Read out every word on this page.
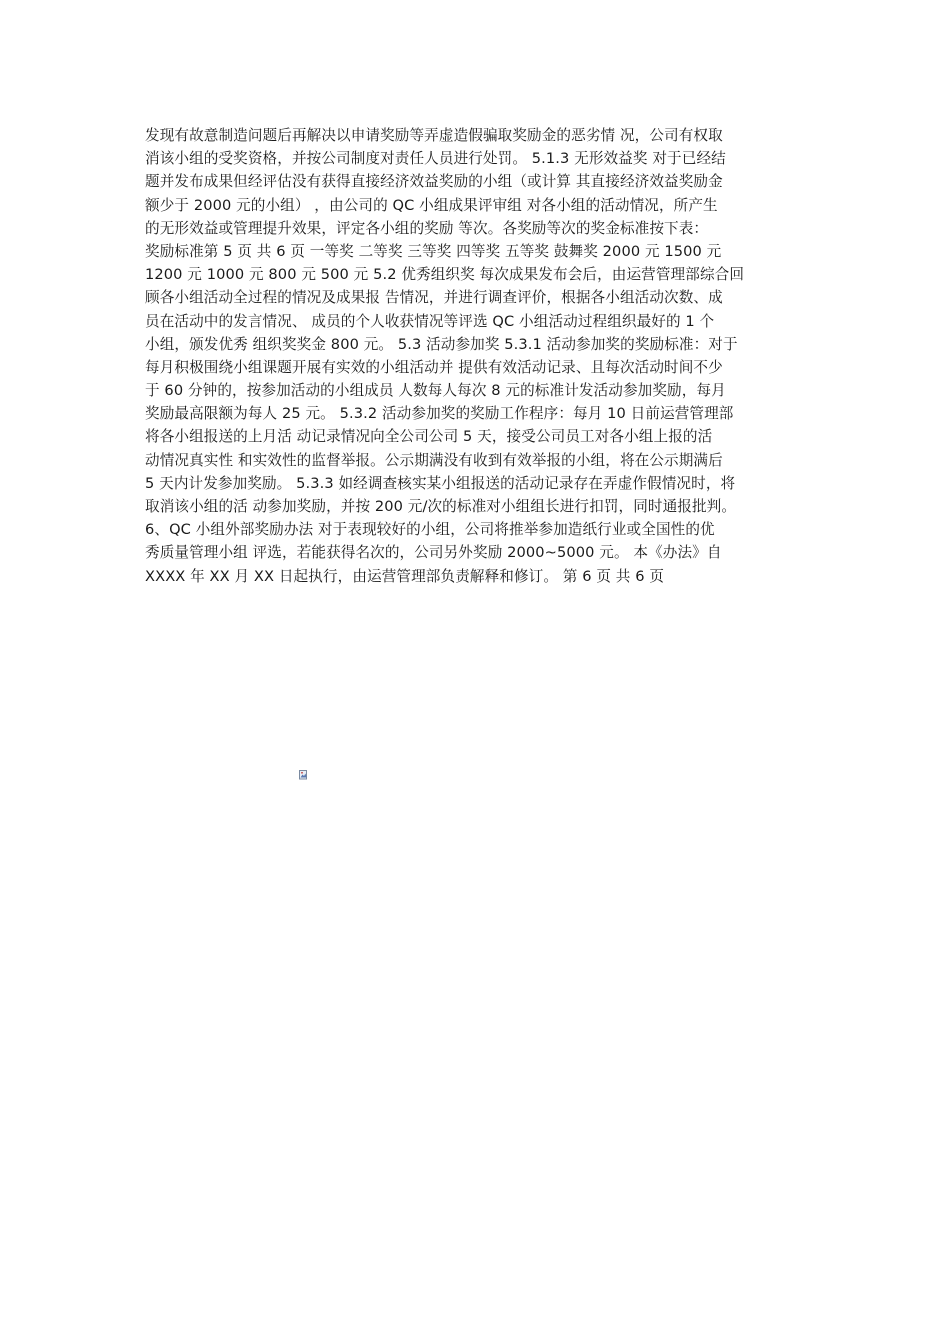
发现有故意制造问题后再解决以申请奖励等弄虚造假骗取奖励金的恶劣情 况，公司有权取
消该小组的受奖资格，并按公司制度对责任人员进行处罚。 5.1.3 无形效益奖 对于已经结
题并发布成果但经评估没有获得直接经济效益奖励的小组（或计算 其直接经济效益奖励金
额少于 2000 元的小组） ，由公司的 QC 小组成果评审组 对各小组的活动情况，所产生
的无形效益或管理提升效果，评定各小组的奖励 等次。各奖励等次的奖金标准按下表：
奖励标准第 5 页 共 6 页 一等奖 二等奖 三等奖 四等奖 五等奖 鼓舞奖 2000 元 1500 元
1200 元 1000 元 800 元 500 元 5.2 优秀组织奖 每次成果发布会后，由运营管理部综合回
顾各小组活动全过程的情况及成果报 告情况，并进行调查评价，根据各小组活动次数、成
员在活动中的发言情况、 成员的个人收获情况等评选 QC 小组活动过程组织最好的 1 个
小组，颁发优秀 组织奖奖金 800 元。 5.3 活动参加奖 5.3.1 活动参加奖的奖励标准：对于
每月积极围绕小组课题开展有实效的小组活动并 提供有效活动记录、且每次活动时间不少
于 60 分钟的，按参加活动的小组成员 人数每人每次 8 元的标准计发活动参加奖励，每月
奖励最高限额为每人 25 元。 5.3.2 活动参加奖的奖励工作程序：每月 10 日前运营管理部
将各小组报送的上月活 动记录情况向全公司公司 5 天，接受公司员工对各小组上报的活
动情况真实性 和实效性的监督举报。公示期满没有收到有效举报的小组，将在公示期满后
5 天内计发参加奖励。 5.3.3 如经调查核实某小组报送的活动记录存在弄虚作假情况时，将
取消该小组的活 动参加奖励，并按 200 元/次的标准对小组组长进行扣罚，同时通报批判。
6、QC 小组外部奖励办法 对于表现较好的小组，公司将推举参加造纸行业或全国性的优
秀质量管理小组 评选，若能获得名次的，公司另外奖励 2000~5000 元。 本《办法》自
XXXX 年 XX 月 XX 日起执行，由运营管理部负责解释和修订。 第 6 页 共 6 页
